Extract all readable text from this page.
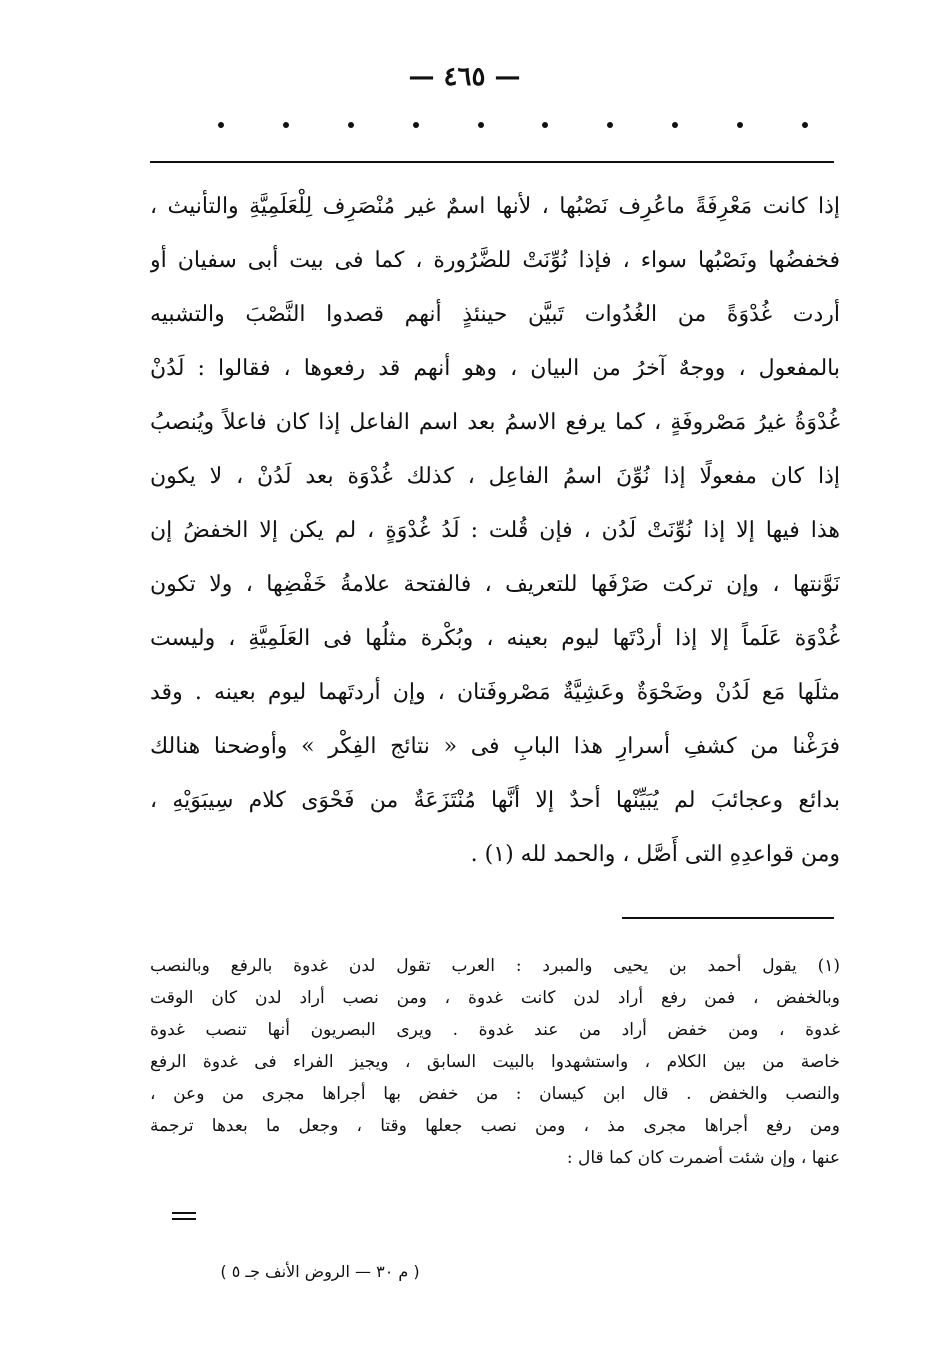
— ٤٦٥ —
إذا كانت مَعْرِفَةً ماعُرِف نَصْبُها ، لأنها اسمٌ غير مُنْصَرِف لِلْعَلَمِيَّةِ والتأنيث ،
فخفضُها ونَصْبُها سواء ، فإذا نُوِّنَتْ للضَّرُورة ، كما فى بيت أبى سفيان أو
أردت غُدْوَةً من الغُدُوات تَبيَّن حينئذٍ أنهم قصدوا النَّصْبَ والتشبيه
بالمفعول ، ووجهٌ آخرُ من البيان ، وهو أنهم قد رفعوها ، فقالوا : لَدُنْ
غُدْوَةُ غيرُ مَصْروفَةٍ ، كما يرفع الاسمُ بعد اسم الفاعل إذا كان فاعلاً ويُنصبُ
إذا كان مفعولًا إذا نُوِّنَ اسمُ الفاعِل ، كذلك غُدْوَة بعد لَدُنْ ، لا يكون
هذا فيها إلا إذا نُوِّنَتْ لَدُن ، فإن قُلت : لَدُ غُدْوَةٍ ، لم يكن إلا الخفضُ إن
نَوَّنتها ، وإن تركت صَرْفَها للتعريف ، فالفتحة علامةُ خَفْضِها ، ولا تكون
غُدْوَة عَلَماً إلا إذا أردْتَها ليوم بعينه ، وبُكْرة مثلُها فى العَلَمِيَّةِ ، وليست
مثلَها مَع لَدُنْ وضَحْوَةٌ وعَشِيَّةٌ مَصْروفَتان ، وإن أردتَهما ليوم بعينه . وقد
فرَغْنا من كشفِ أسرارِ هذا البابِ فى « نتائج الفِكْر » وأوضحنا هنالك
بدائع وعجائبَ لم يُبَيِّنْها أحدٌ إلا أنَّها مُنْتَزَعَةٌ من فَحْوَى كلام سِيبَوَيْهِ ،
ومن قواعدِهِ التى أَصَّل ، والحمد لله (١) .
(١) يقول أحمد بن يحيى والمبرد : العرب تقول لدن غدوة بالرفع وبالنصب
وبالخفض ، فمن رفع أراد لدن كانت غدوة ، ومن نصب أراد لدن كان الوقت
غدوة ، ومن خفض أراد من عند غدوة . ويرى البصريون أنها تنصب غدوة
خاصة من بين الكلام ، واستشهدوا بالبيت السابق ، ويجيز الفراء فى غدوة الرفع
والنصب والخفض . قال ابن كيسان : من خفض بها أجراها مجرى من وعن ،
ومن رفع أجراها مجرى مذ ، ومن نصب جعلها وقتا ، وجعل ما بعدها ترجمة
عنها ، وإن شئت أضمرت كان كما قال :
( م ٣٠ — الروض الأنف جـ ٥ )
